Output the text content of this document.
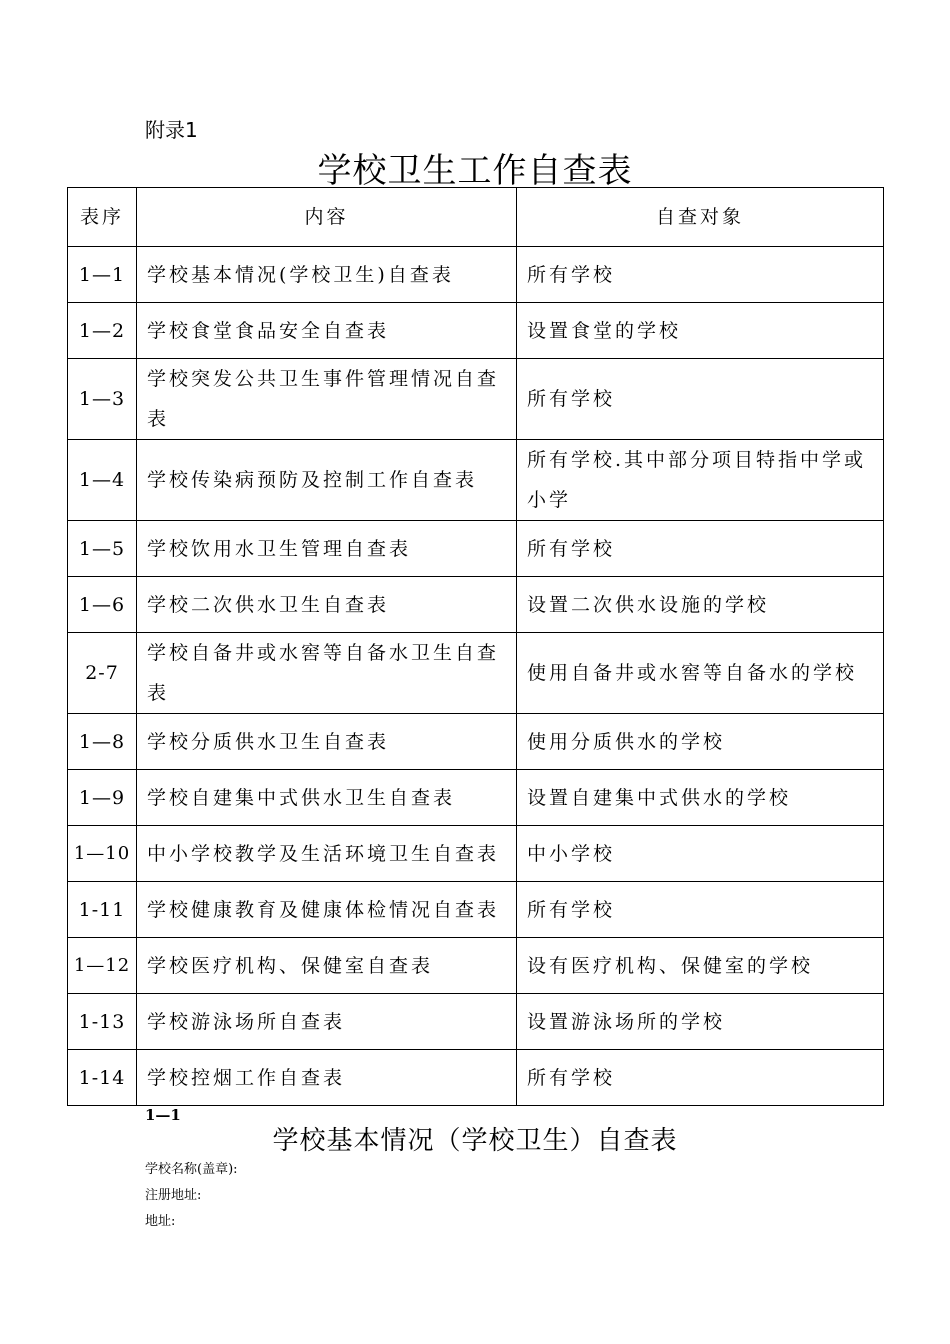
附录1
学校卫生工作自查表
表序	内容	自查对象
1—1	学校基本情况(学校卫生)自查表	所有学校
1—2	学校食堂食品安全自查表	设置食堂的学校
1—3	学校突发公共卫生事件管理情况自查表	所有学校
1—4	学校传染病预防及控制工作自查表	所有学校.其中部分项目特指中学或小学
1—5	学校饮用水卫生管理自查表	所有学校
1—6	学校二次供水卫生自查表	设置二次供水设施的学校
2-7	学校自备井或水窖等自备水卫生自查表	使用自备井或水窖等自备水的学校
1—8	学校分质供水卫生自查表	使用分质供水的学校
1—9	学校自建集中式供水卫生自查表	设置自建集中式供水的学校
1—10	中小学校教学及生活环境卫生自查表	中小学校
1-11	学校健康教育及健康体检情况自查表	所有学校
1—12	学校医疗机构、保健室自查表	设有医疗机构、保健室的学校
1-13	学校游泳场所自查表	设置游泳场所的学校
1-14	学校控烟工作自查表	所有学校
1—1
学校基本情况（学校卫生）自查表
学校名称(盖章):
注册地址:
地址:
